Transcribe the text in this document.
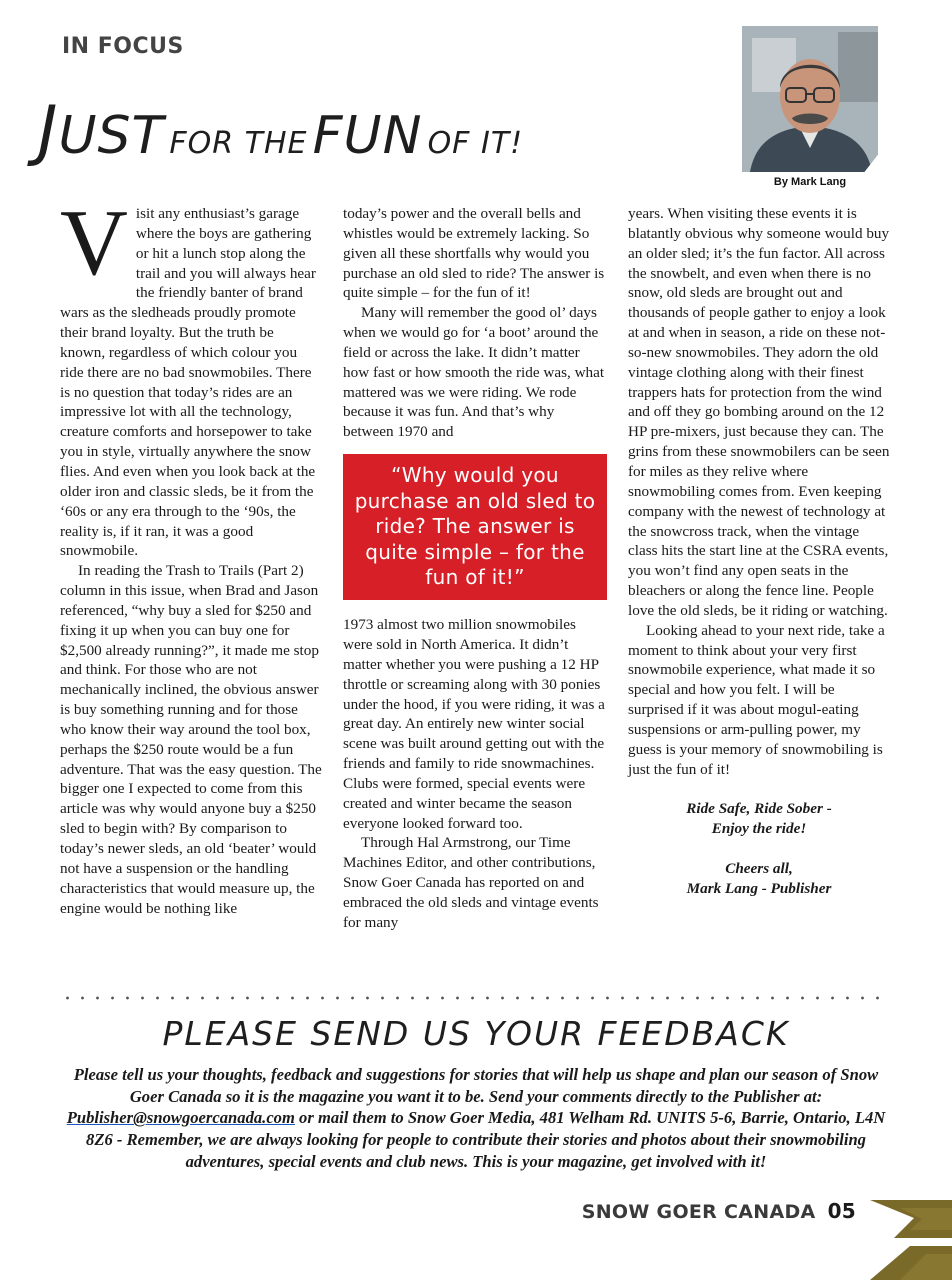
IN FOCUS
JUST FOR THE FUN OF IT!
By Mark Lang
V isit any enthusiast’s garage where the boys are gathering or hit a lunch stop along the trail and you will always hear the friendly banter of brand wars as the sledheads proudly promote their brand loyalty. But the truth be known, regardless of which colour you ride there are no bad snowmobiles. There is no question that today’s rides are an impressive lot with all the technology, creature comforts and horsepower to take you in style, virtually anywhere the snow flies. And even when you look back at the older iron and classic sleds, be it from the ‘60s or any era through to the ‘90s, the reality is, if it ran, it was a good snowmobile.

In reading the Trash to Trails (Part 2) column in this issue, when Brad and Jason referenced, “why buy a sled for $250 and fixing it up when you can buy one for $2,500 already running?”, it made me stop and think. For those who are not mechanically inclined, the obvious answer is buy something running and for those who know their way around the tool box, perhaps the $250 route would be a fun adventure. That was the easy question. The bigger one I expected to come from this article was why would anyone buy a $250 sled to begin with? By comparison to today’s newer sleds, an old ‘beater’ would not have a suspension or the handling characteristics that would measure up, the engine would be nothing like

today’s power and the overall bells and whistles would be extremely lacking. So given all these shortfalls why would you purchase an old sled to ride? The answer is quite simple – for the fun of it!

Many will remember the good ol’ days when we would go for ‘a boot’ around the field or across the lake. It didn’t matter how fast or how smooth the ride was, what mattered was we were riding. We rode because it was fun. And that’s why between 1970 and

“Why would you purchase an old sled to ride? The answer is quite simple – for the fun of it!”

1973 almost two million snowmobiles were sold in North America. It didn’t matter whether you were pushing a 12 HP throttle or screaming along with 30 ponies under the hood, if you were riding, it was a great day. An entirely new winter social scene was built around getting out with the friends and family to ride snowmachines. Clubs were formed, special events were created and winter became the season everyone looked forward too.

Through Hal Armstrong, our Time Machines Editor, and other contributions, Snow Goer Canada has reported on and embraced the old sleds and vintage events for many

years. When visiting these events it is blatantly obvious why someone would buy an older sled; it’s the fun factor. All across the snowbelt, and even when there is no snow, old sleds are brought out and thousands of people gather to enjoy a look at and when in season, a ride on these not-so-new snowmobiles. They adorn the old vintage clothing along with their finest trappers hats for protection from the wind and off they go bombing around on the 12 HP pre-mixers, just because they can. The grins from these snowmobilers can be seen for miles as they relive where snowmobiling comes from. Even keeping company with the newest of technology at the snowcross track, when the vintage class hits the start line at the CSRA events, you won’t find any open seats in the bleachers or along the fence line. People love the old sleds, be it riding or watching.

Looking ahead to your next ride, take a moment to think about your very first snowmobile experience, what made it so special and how you felt. I will be surprised if it was about mogul-eating suspensions or arm-pulling power, my guess is your memory of snowmobiling is just the fun of it!

Ride Safe, Ride Sober -

Enjoy the ride!

Cheers all,

Mark Lang - Publisher

PLEASE SEND US YOUR FEEDBACK
Please tell us your thoughts, feedback and suggestions for stories that will help us shape and plan our season of Snow Goer Canada so it is the magazine you want it to be. Send your comments directly to the Publisher at: Publisher@snowgoercanada.com or mail them to Snow Goer Media, 481 Welham Rd. UNITS 5-6, Barrie, Ontario, L4N 8Z6 - Remember, we are always looking for people to contribute their stories and photos about their snowmobiling adventures, special events and club news. This is your magazine, get involved with it!
SNOW GOER CANADA 05
